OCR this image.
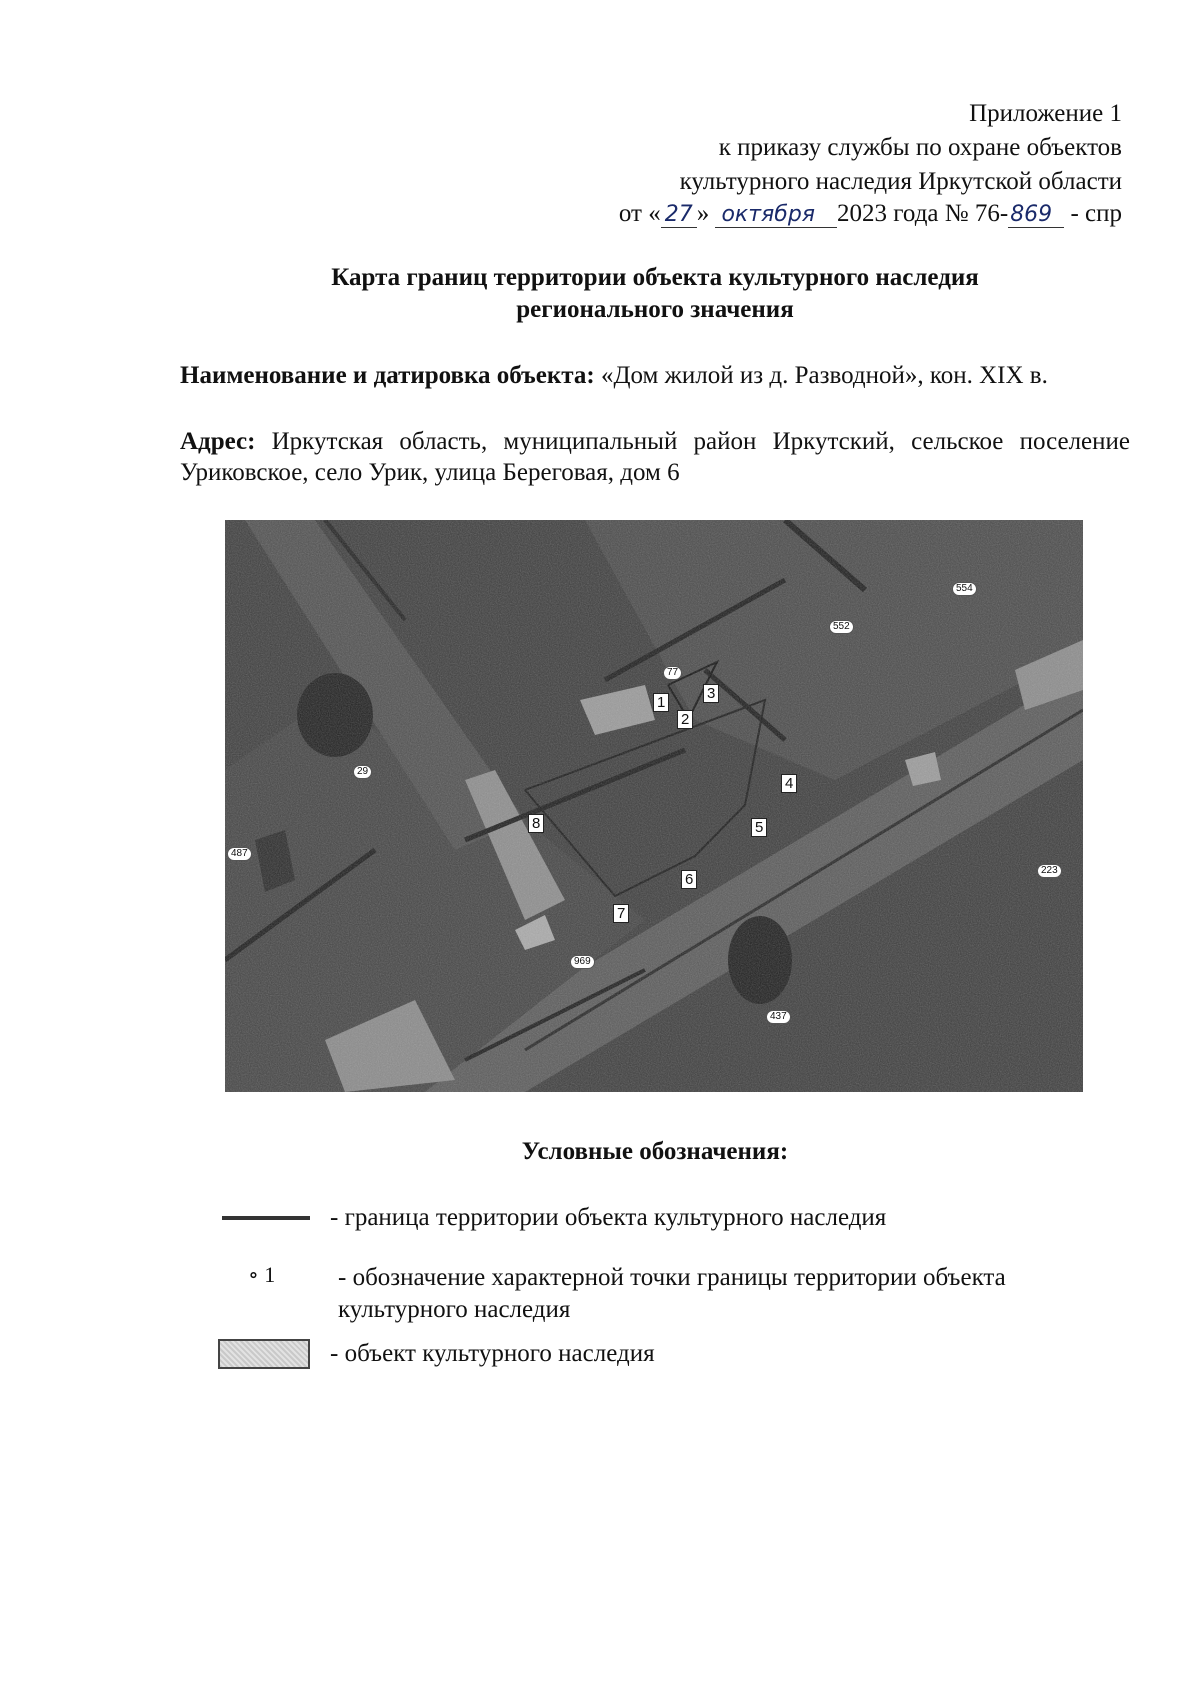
Приложение 1
к приказу службы по охране объектов
культурного наследия Иркутской области
от « 27 » октября 2023 года № 76-869 - спр
Карта границ территории объекта культурного наследия
регионального значения
Наименование и датировка объекта: «Дом жилой из д. Разводной», кон. XIX в.
Адрес: Иркутская область, муниципальный район Иркутский, сельское поселение Уриковское, село Урик, улица Береговая, дом 6
1
2
3
4
5
6
7
8
77
554
552
29
487
223
969
437
Условные обозначения:
- граница территории объекта культурного наследия
∘ 1	- обозначение характерной точки границы территории объекта
культурного наследия
- объект культурного наследия
